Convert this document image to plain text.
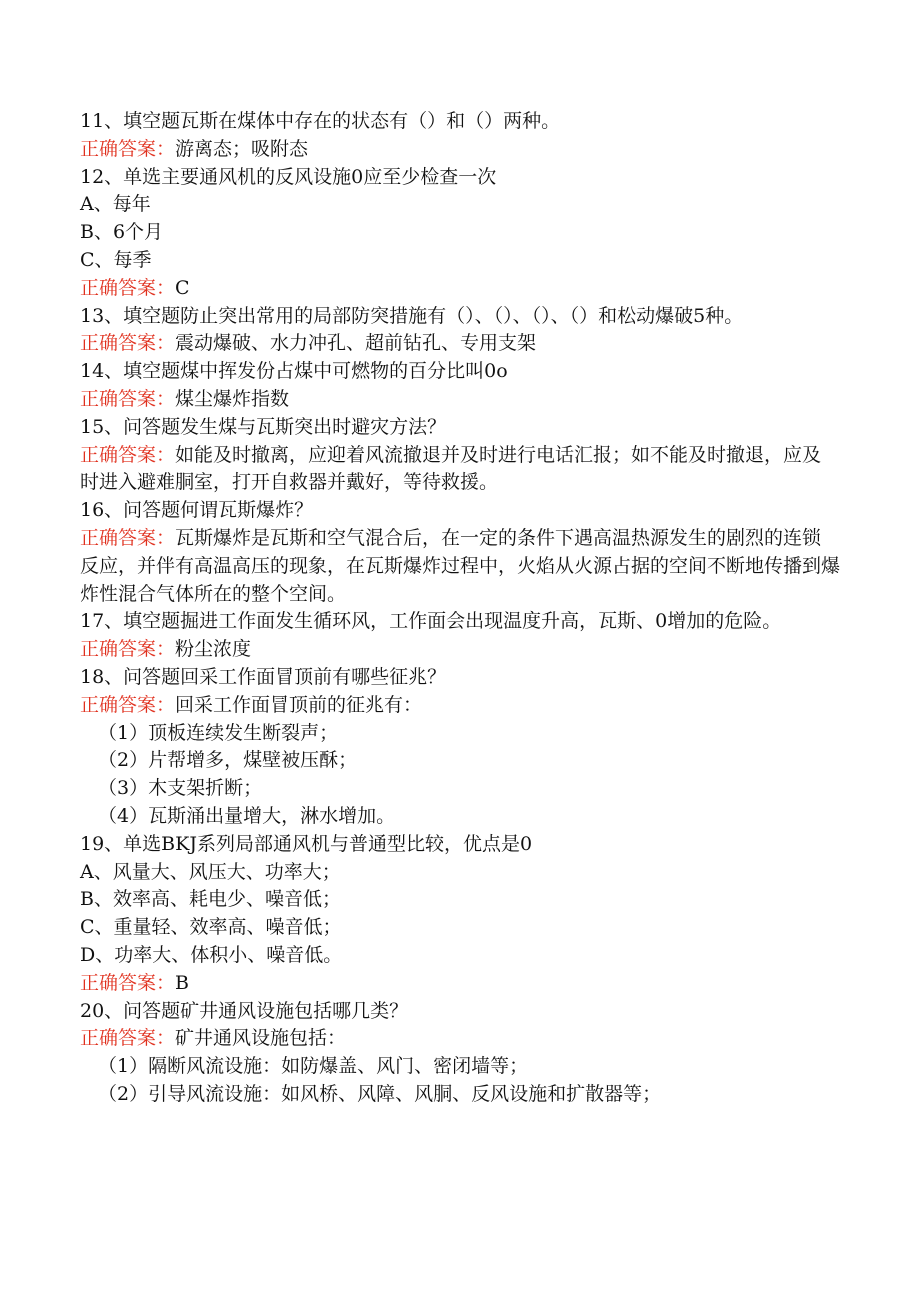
11、填空题瓦斯在煤体中存在的状态有（）和（）两种。
正确答案：游离态；吸附态
12、单选主要通风机的反风设施0应至少检查一次
A、每年
B、6个月
C、每季
正确答案：C
13、填空题防止突出常用的局部防突措施有（）、（）、（）、（）和松动爆破5种。
正确答案：震动爆破、水力冲孔、超前钻孔、专用支架
14、填空题煤中挥发份占煤中可燃物的百分比叫0o
正确答案：煤尘爆炸指数
15、问答题发生煤与瓦斯突出时避灾方法？
正确答案：如能及时撤离，应迎着风流撤退并及时进行电话汇报；如不能及时撤退，应及时进入避难胴室，打开自救器并戴好，等待救援。
16、问答题何谓瓦斯爆炸？
正确答案：瓦斯爆炸是瓦斯和空气混合后，在一定的条件下遇高温热源发生的剧烈的连锁反应，并伴有高温高压的现象，在瓦斯爆炸过程中，火焰从火源占据的空间不断地传播到爆炸性混合气体所在的整个空间。
17、填空题掘进工作面发生循环风，工作面会出现温度升高，瓦斯、0增加的危险。
正确答案：粉尘浓度
18、问答题回采工作面冒顶前有哪些征兆？
正确答案：回采工作面冒顶前的征兆有：
（1）顶板连续发生断裂声；
（2）片帮增多，煤壁被压酥；
（3）木支架折断；
（4）瓦斯涌出量增大，淋水增加。
19、单选BKJ系列局部通风机与普通型比较，优点是0
A、风量大、风压大、功率大；
B、效率高、耗电少、噪音低；
C、重量轻、效率高、噪音低；
D、功率大、体积小、噪音低。
正确答案：B
20、问答题矿井通风设施包括哪几类？
正确答案：矿井通风设施包括：
（1）隔断风流设施：如防爆盖、风门、密闭墙等；
（2）引导风流设施：如风桥、风障、风胴、反风设施和扩散器等；
